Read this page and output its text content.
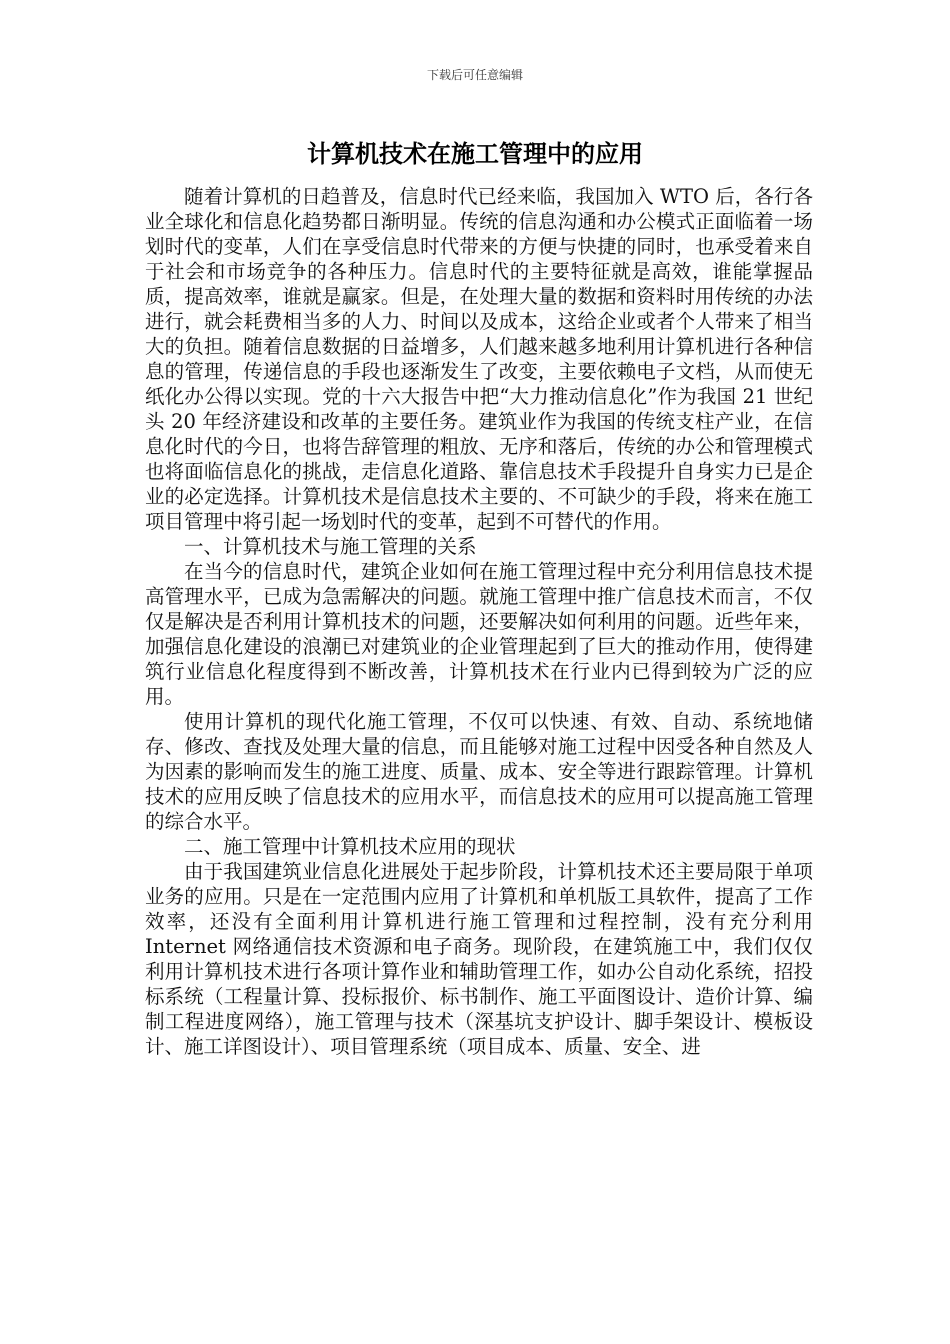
下载后可任意编辑
计算机技术在施工管理中的应用

随着计算机的日趋普及，信息时代已经来临，我国加入 WTO 后，各行各业全球化和信息化趋势都日渐明显。传统的信息沟通和办公模式正面临着一场划时代的变革，人们在享受信息时代带来的方便与快捷的同时，也承受着来自于社会和市场竞争的各种压力。信息时代的主要特征就是高效，谁能掌握品质，提高效率，谁就是赢家。但是，在处理大量的数据和资料时用传统的办法进行，就会耗费相当多的人力、时间以及成本，这给企业或者个人带来了相当大的负担。随着信息数据的日益增多，人们越来越多地利用计算机进行各种信息的管理，传递信息的手段也逐渐发生了改变，主要依赖电子文档，从而使无纸化办公得以实现。党的十六大报告中把“大力推动信息化”作为我国 21 世纪头 20 年经济建设和改革的主要任务。建筑业作为我国的传统支柱产业，在信息化时代的今日，也将告辞管理的粗放、无序和落后，传统的办公和管理模式也将面临信息化的挑战，走信息化道路、靠信息技术手段提升自身实力已是企业的必定选择。计算机技术是信息技术主要的、不可缺少的手段，将来在施工项目管理中将引起一场划时代的变革，起到不可替代的作用。

一、计算机技术与施工管理的关系

在当今的信息时代，建筑企业如何在施工管理过程中充分利用信息技术提高管理水平，已成为急需解决的问题。就施工管理中推广信息技术而言，不仅仅是解决是否利用计算机技术的问题，还要解决如何利用的问题。近些年来，加强信息化建设的浪潮已对建筑业的企业管理起到了巨大的推动作用，使得建筑行业信息化程度得到不断改善，计算机技术在行业内已得到较为广泛的应用。

使用计算机的现代化施工管理，不仅可以快速、有效、自动、系统地储存、修改、查找及处理大量的信息，而且能够对施工过程中因受各种自然及人为因素的影响而发生的施工进度、质量、成本、安全等进行跟踪管理。计算机技术的应用反映了信息技术的应用水平，而信息技术的应用可以提高施工管理的综合水平。

二、施工管理中计算机技术应用的现状

由于我国建筑业信息化进展处于起步阶段，计算机技术还主要局限于单项业务的应用。只是在一定范围内应用了计算机和单机版工具软件，提高了工作效率，还没有全面利用计算机进行施工管理和过程控制，没有充分利用 Internet 网络通信技术资源和电子商务。现阶段，在建筑施工中，我们仅仅利用计算机技术进行各项计算作业和辅助管理工作，如办公自动化系统，招投标系统（工程量计算、投标报价、标书制作、施工平面图设计、造价计算、编制工程进度网络），施工管理与技术（深基坑支护设计、脚手架设计、模板设计、施工详图设计）、项目管理系统（项目成本、质量、安全、进
